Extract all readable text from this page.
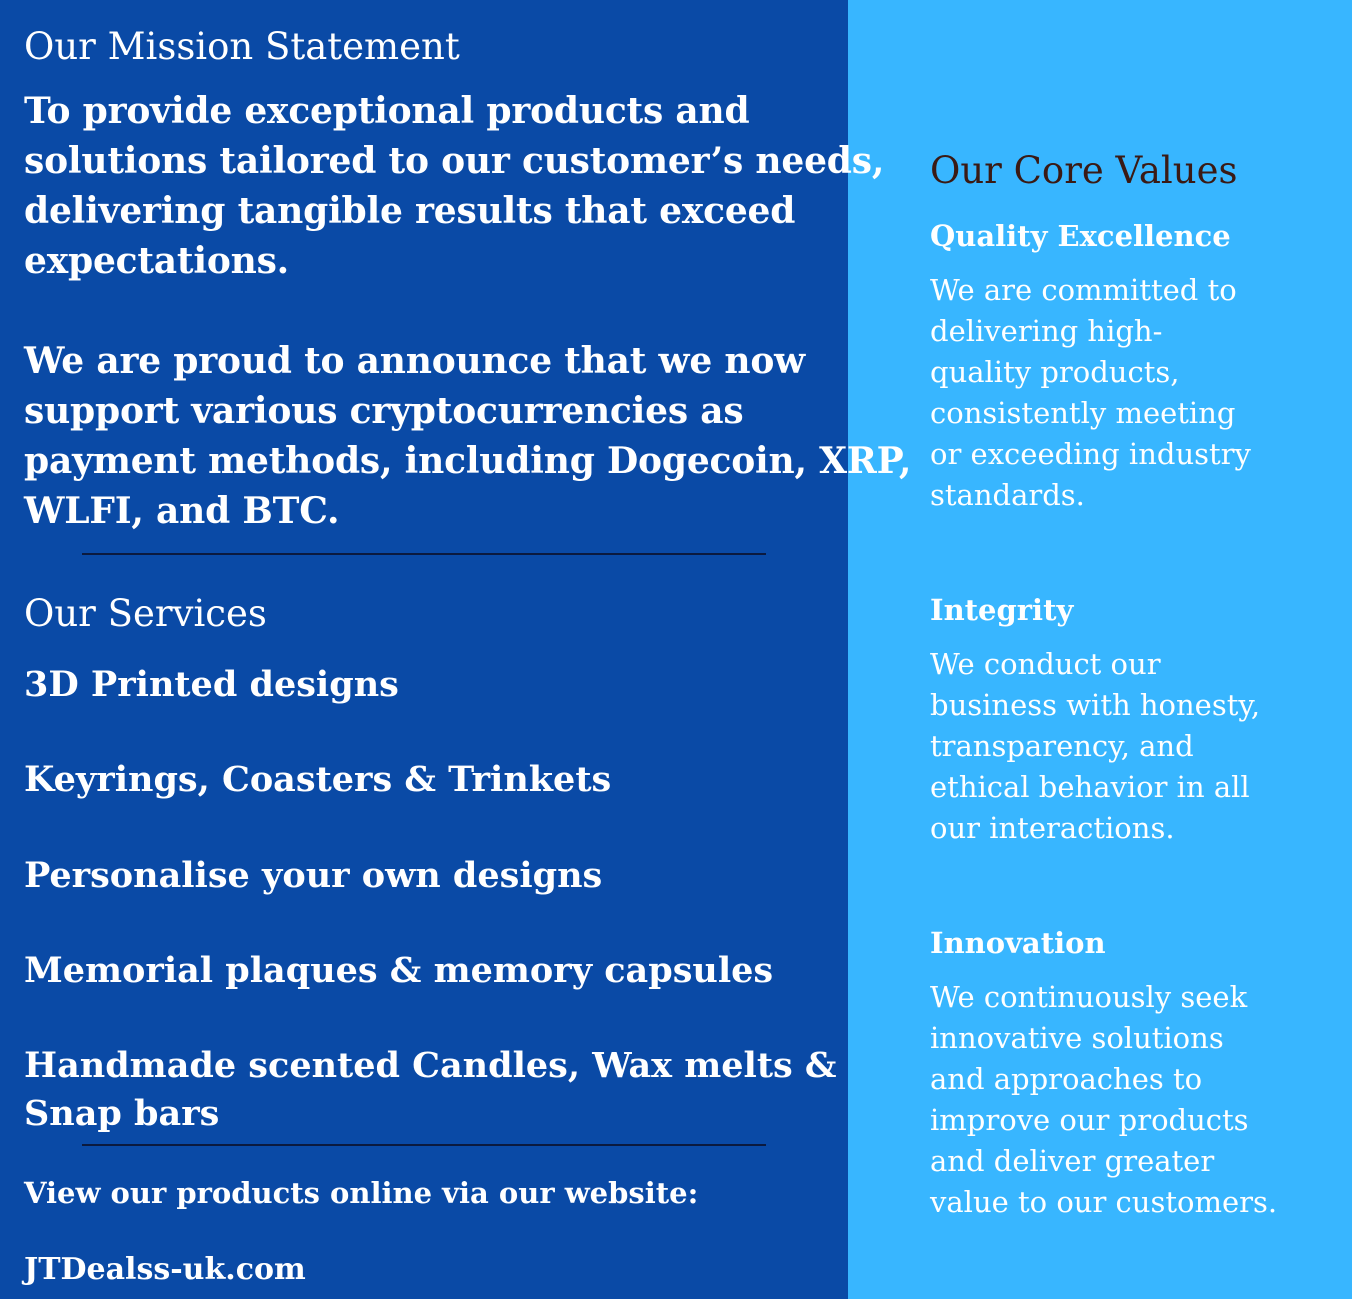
Our Mission Statement
To provide exceptional products and
solutions tailored to our customer’s needs,
delivering tangible results that exceed
expectations.
We are proud to announce that we now
support various cryptocurrencies as
payment methods, including Dogecoin, XRP,
WLFI, and BTC.
Our Services
3D Printed designs
Keyrings, Coasters & Trinkets
Personalise your own designs
Memorial plaques & memory capsules
Handmade scented Candles, Wax melts &
Snap bars
View our products online via our website:
JTDealss-uk.com
Our Core Values
Quality Excellence
We are committed to
delivering high-
quality products,
consistently meeting
or exceeding industry
standards.
Integrity
We conduct our
business with honesty,
transparency, and
ethical behavior in all
our interactions.
Innovation
We continuously seek
innovative solutions
and approaches to
improve our products
and deliver greater
value to our customers.
